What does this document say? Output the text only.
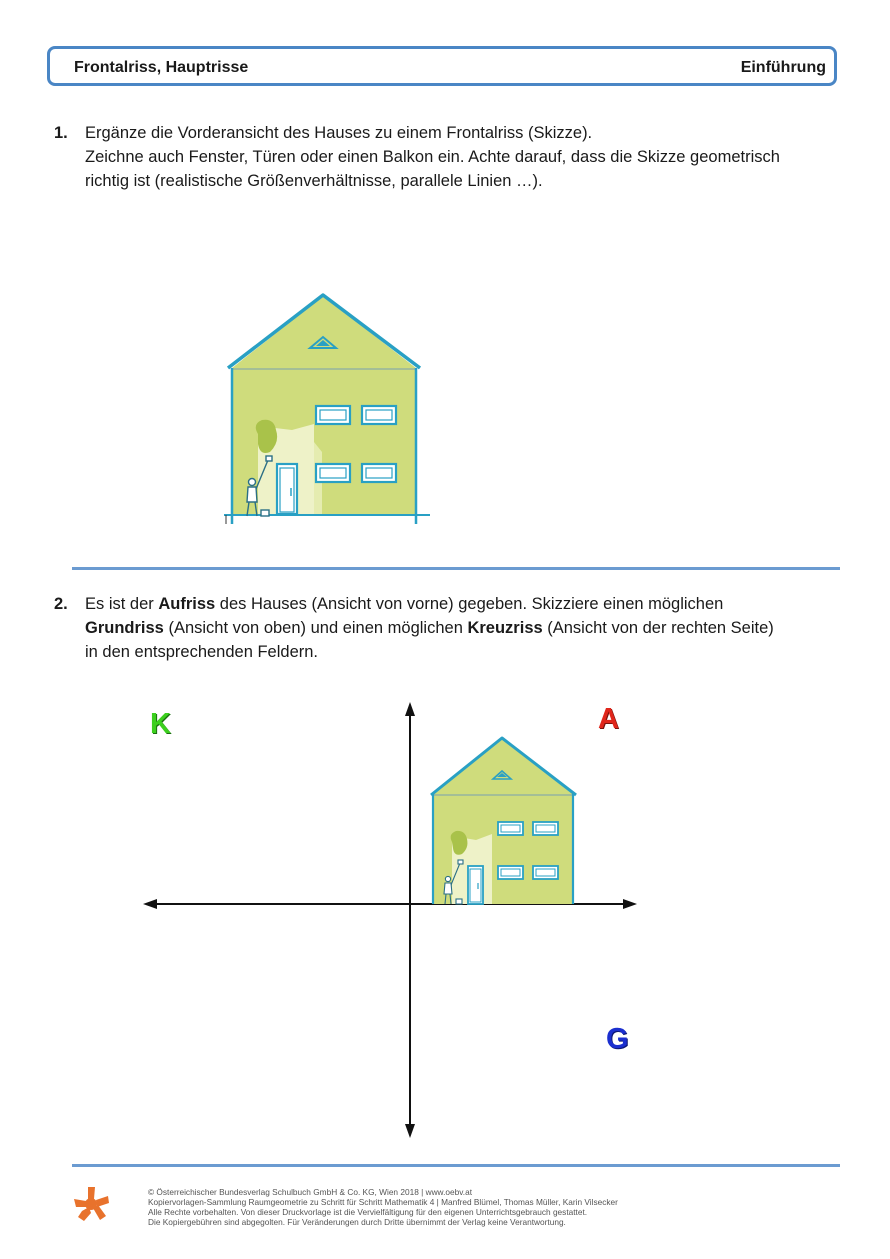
Frontalriss, Hauptrisse	Einführung
1. Ergänze die Vorderansicht des Hauses zu einem Frontalriss (Skizze).

Zeichne auch Fenster, Türen oder einen Balkon ein. Achte darauf, dass die Skizze geometrisch

richtig ist (realistische Größenverhältnisse, parallele Linien …).

2. Es ist der Aufriss des Hauses (Ansicht von vorne) gegeben. Skizziere einen möglichen

Grundriss (Ansicht von oben) und einen möglichen Kreuzriss (Ansicht von der rechten Seite)

in den entsprechenden Feldern.

K	A
G
© Österreichischer Bundesverlag Schulbuch GmbH & Co. KG, Wien 2018 | www.oebv.at
Kopiervorlagen-Sammlung Raumgeometrie zu Schritt für Schritt Mathematik 4 | Manfred Blümel, Thomas Müller, Karin Vilsecker
Alle Rechte vorbehalten. Von dieser Druckvorlage ist die Vervielfältigung für den eigenen Unterrichtsgebrauch gestattet.
Die Kopiergebühren sind abgegolten. Für Veränderungen durch Dritte übernimmt der Verlag keine Verantwortung.
